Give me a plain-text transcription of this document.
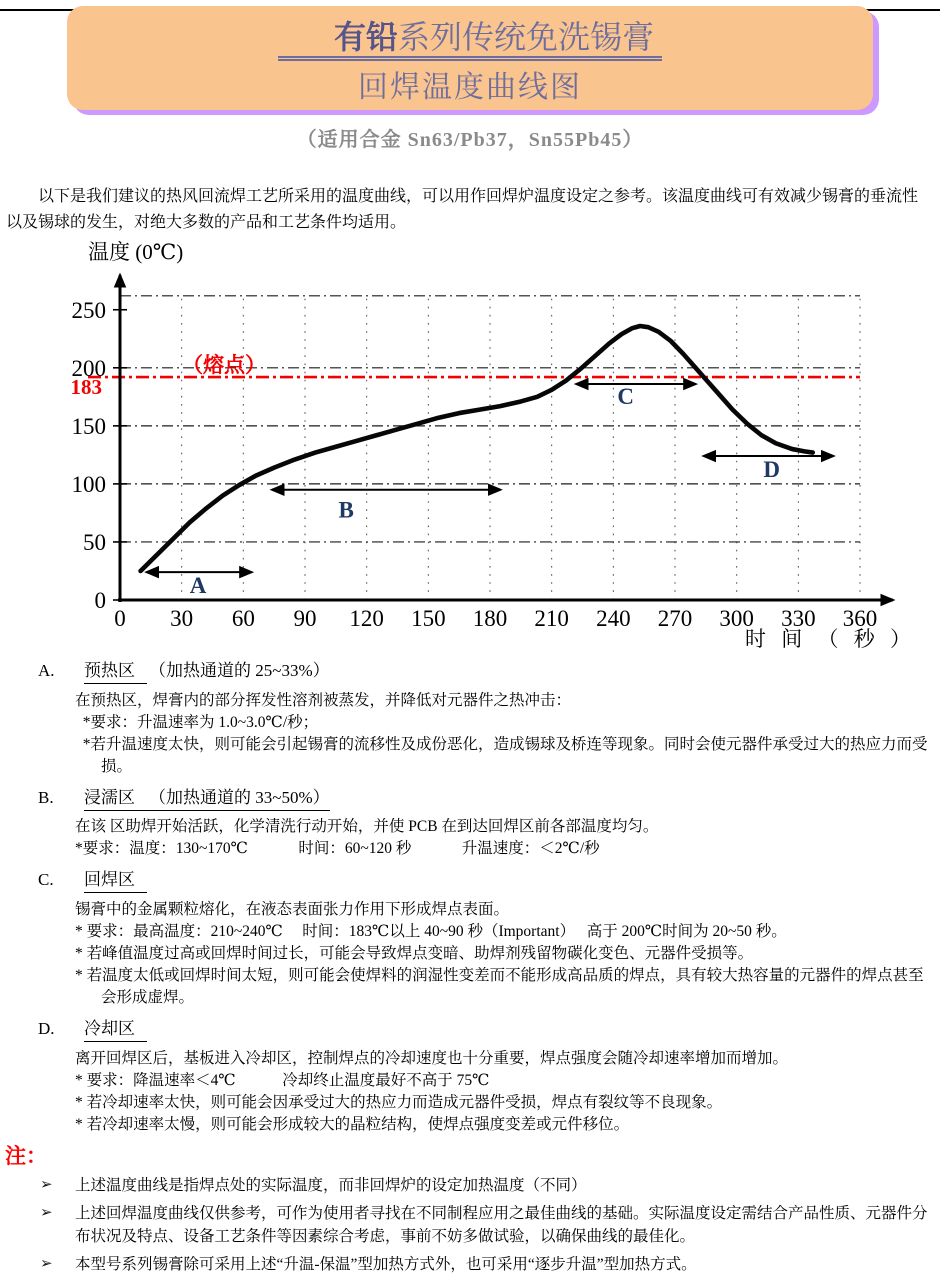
有铅系列传统免洗锡膏
回焊温度曲线图
（适用合金 Sn63/Pb37，Sn55Pb45）

以下是我们建议的热风回流焊工艺所采用的温度曲线，可以用作回焊炉温度设定之参考。该温度曲线可有效减少锡膏的垂流性以及锡球的发生，对绝大多数的产品和工艺条件均适用。

温度 (0℃)
250
200
150
100
50
0
0 30 60 90 120 150 180 210 240 270 300 330 360
183
（熔点）
A
B
C
D
时 间 （ 秒 ）
A. 预热区 （加热通道的 25~33%）
在预热区，焊膏内的部分挥发性溶剂被蒸发，并降低对元器件之热冲击：
*要求：升温速率为 1.0~3.0℃/秒；
*若升温速度太快，则可能会引起锡膏的流移性及成份恶化，造成锡球及桥连等现象。同时会使元器件承受过大的热应力而受损。
B. 浸濡区 （加热通道的 33~50%）
在该 区助焊开始活跃，化学清洗行动开始，并使 PCB 在到达回焊区前各部温度均匀。
*要求：温度：130~170℃　　　 时间：60~120 秒　　　 升温速度：＜2℃/秒
C. 回焊区
锡膏中的金属颗粒熔化，在液态表面张力作用下形成焊点表面。
* 要求：最高温度：210~240℃　 时间：183℃以上 40~90 秒（Important）　 高于 200℃时间为 20~50 秒。
* 若峰值温度过高或回焊时间过长，可能会导致焊点变暗、助焊剂残留物碳化变色、元器件受损等。
* 若温度太低或回焊时间太短，则可能会使焊料的润湿性变差而不能形成高品质的焊点，具有较大热容量的元器件的焊点甚至会形成虚焊。
D. 冷却区
离开回焊区后，基板进入冷却区，控制焊点的冷却速度也十分重要，焊点强度会随冷却速率增加而增加。
* 要求：降温速率＜4℃　　　冷却终止温度最好不高于 75℃
* 若冷却速率太快，则可能会因承受过大的热应力而造成元器件受损，焊点有裂纹等不良现象。
* 若冷却速率太慢，则可能会形成较大的晶粒结构，使焊点强度变差或元件移位。
注：
➢	上述温度曲线是指焊点处的实际温度，而非回焊炉的设定加热温度（不同）
➢	上述回焊温度曲线仅供参考，可作为使用者寻找在不同制程应用之最佳曲线的基础。实际温度设定需结合产品性质、元器件分布状况及特点、设备工艺条件等因素综合考虑，事前不妨多做试验，以确保曲线的最佳化。
➢	本型号系列锡膏除可采用上述“升温-保温”型加热方式外，也可采用“逐步升温”型加热方式。
